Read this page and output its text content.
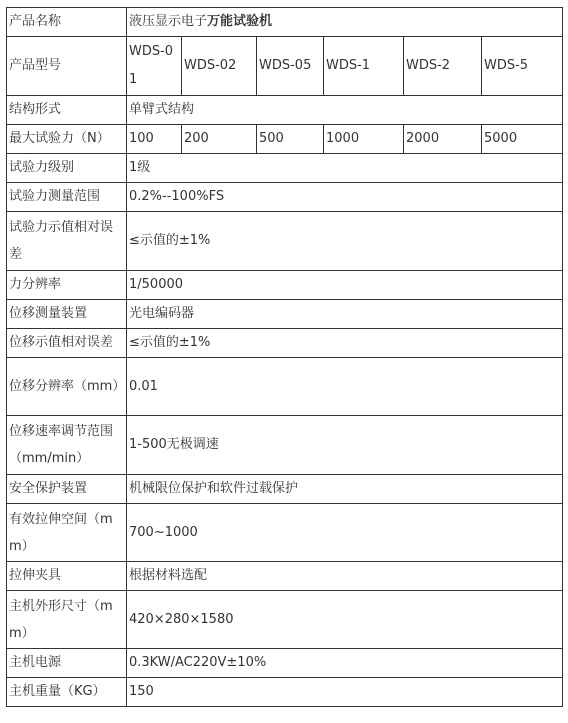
产品名称	液压显示电子万能试验机					
产品型号	WDS-01	WDS-02	WDS-05	WDS-1	WDS-2	WDS-5
结构形式	单臂式结构					
最大试验力（N）	100	200	500	1000	2000	5000
试验力级别	1级					
试验力测量范围	0.2%--100%FS					
试验力示值相对误差	≤示值的±1%					
力分辨率	1/50000					
位移测量装置	光电编码器					
位移示值相对误差	≤示值的±1%					
位移分辨率（mm）	0.01					
位移速率调节范围（mm/min）	1-500无极调速					
安全保护装置	机械限位保护和软件过载保护					
有效拉伸空间（mm）	700~1000					
拉伸夹具	根据材料选配					
主机外形尺寸（mm）	420×280×1580					
主机电源	0.3KW/AC220V±10%					
主机重量（KG）	150					
